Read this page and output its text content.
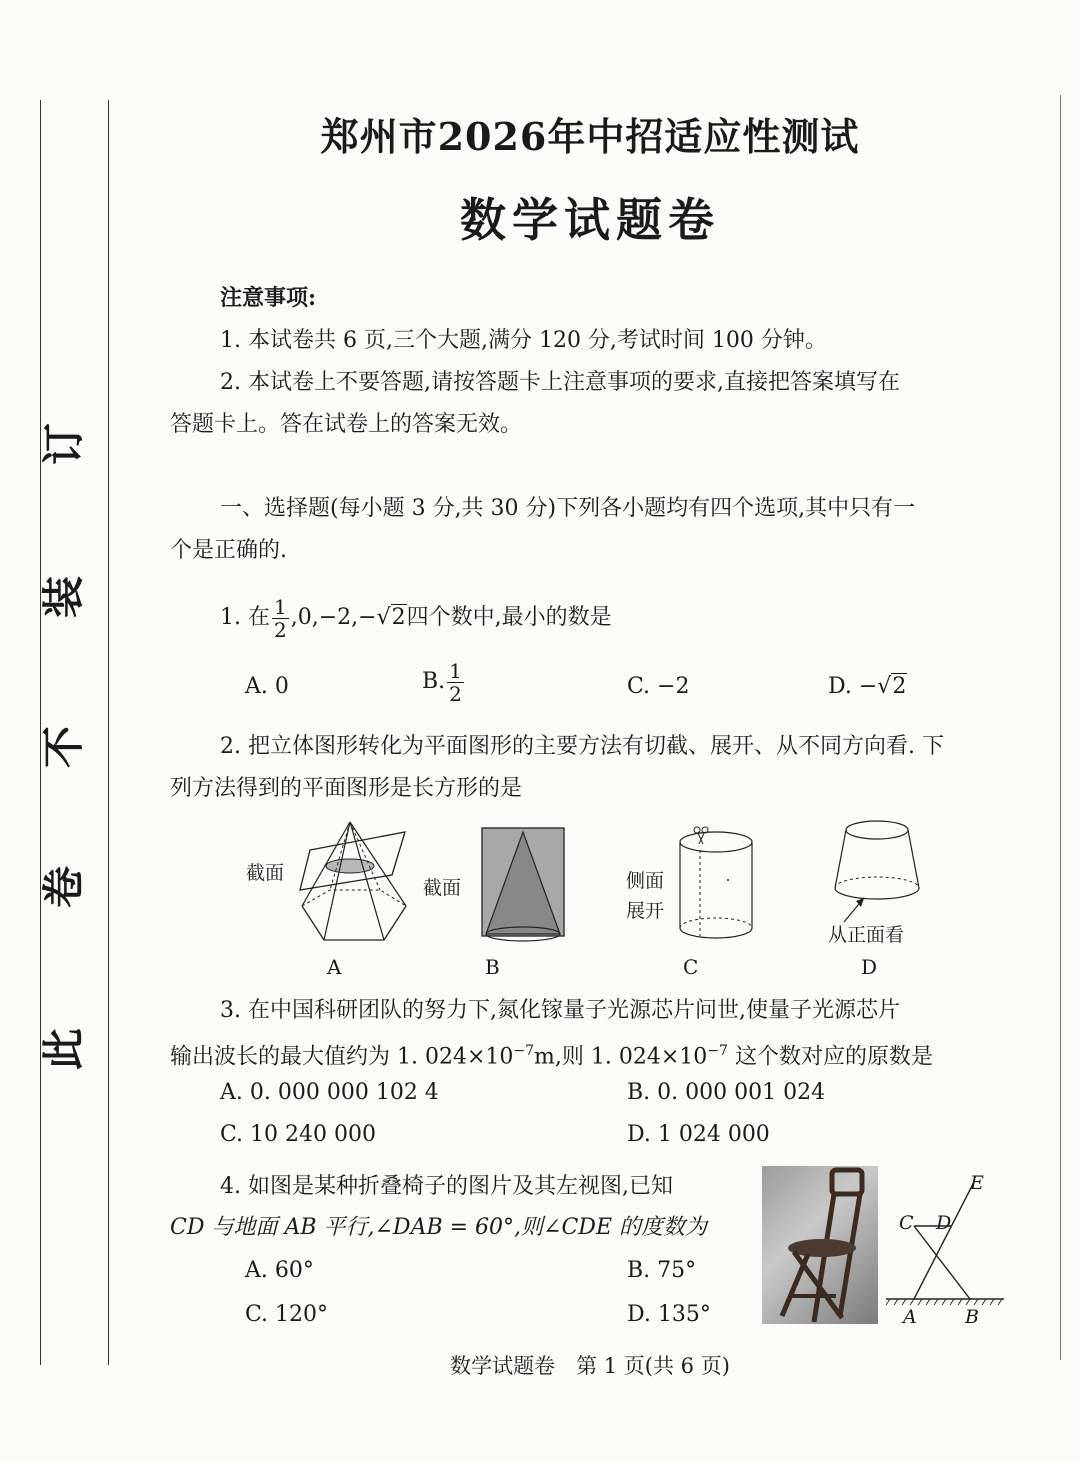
订
装
不
卷
此
郑州市2026年中招适应性测试
数学试题卷
注意事项:
1. 本试卷共 6 页,三个大题,满分 120 分,考试时间 100 分钟。
2. 本试卷上不要答题,请按答题卡上注意事项的要求,直接把答案填写在
答题卡上。答在试卷上的答案无效。
一、选择题(每小题 3 分,共 30 分)下列各小题均有四个选项,其中只有一
个是正确的.
1. 在 $\frac{1}{2} ,0,-2,-√2$四个数中,最小的数是
A. 0	B. $\frac{1}{2}$	C. −2	D. −√2
2. 把立体图形转化为平面图形的主要方法有切截、展开、从不同方向看. 下
列方法得到的平面图形是长方形的是
截面
A
截面
B
侧面
展开
C
从正面看
D
3. 在中国科研团队的努力下,氮化镓量子光源芯片问世,使量子光源芯片
输出波长的最大值约为 1. $024\times 10^{-7}m$,则 1. $024\times 10^{-7}$ 这个数对应的原数是
A. 0. 000 000 102 4	B. 0. 000 001 024
C. 10 240 000	D. 1 024 000
4. 如图是某种折叠椅子的图片及其左视图,已知
CD 与地面 AB 平行,∠DAB = 60°,则∠CDE 的度数为
A. 60°	B. 75°
C. 120°	D. 135°
E
C D
A	B
数学试题卷　第 1 页(共 6 页)
